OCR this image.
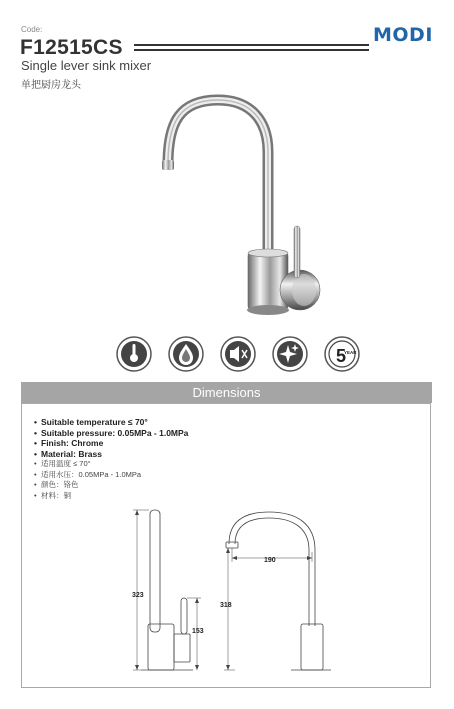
Code:
F12515CS
MODI
Single lever sink mixer
单把厨房龙头
5
YEAR
Dimensions
• Suitable temperature ≤ 70°
• Suitable pressure: 0.05MPa - 1.0MPa
• Finish: Chrome
• Material: Brass
• 适用温度 ≤ 70°
• 适用水压：0.05MPa - 1.0MPa
• 颜色：铬色
• 材料：铜
323
153
190
318
